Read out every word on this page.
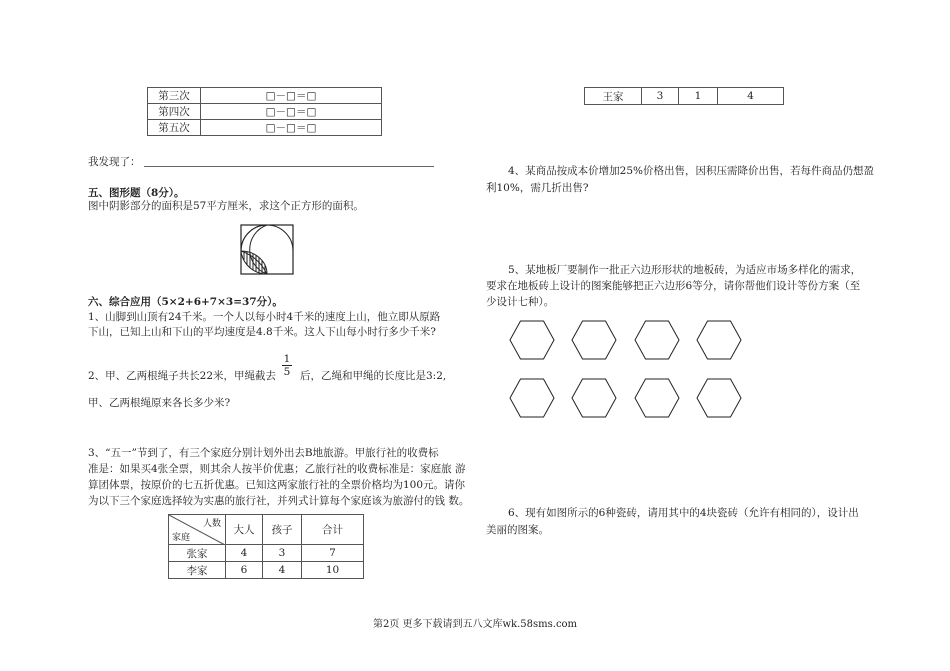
第三次	□－□＝□
第四次	□－□＝□
第五次	□－□＝□
我发现了：
五、图形题（8分）。
图中阴影部分的面积是57平方厘米，求这个正方形的面积。
六、综合应用（5×2+6+7×3=37分）。
1、山脚到山顶有24千米。一个人以每小时4千米的速度上山，他立即从原路
下山，已知上山和下山的平均速度是4.8千米。这人下山每小时行多少千米?
2、甲、乙两根绳子共长22米，甲绳截去 $\frac{1}{5}$ 后，乙绳和甲绳的长度比是3:2,
甲、乙两根绳原来各长多少米?
3、“五一”节到了，有三个家庭分别计划外出去B地旅游。甲旅行社的收费标
准是：如果买4张全票，则其余人按半价优惠；乙旅行社的收费标准是：家庭旅 游
算团体票，按原价的七五折优惠。已知这两家旅行社的全票价格均为100元。请你
为以下三个家庭选择较为实惠的旅行社，并列式计算每个家庭该为旅游付的钱 数。
人数
家庭	大人	孩子	合计
张家	4	3	7
李家	6	4	10
王家	3	1	4
4、某商品按成本价增加25%价格出售，因积压需降价出售，若每件商品仍想盈
利10%，需几折出售?
5、某地板厂要制作一批正六边形形状的地板砖，为适应市场多样化的需求，
要求在地板砖上设计的图案能够把正六边形6等分，请你帮他们设计等份方案（至
少设计七种）。
6、现有如图所示的6种瓷砖，请用其中的4块瓷砖（允许有相同的），设计出
美丽的图案。
第2页 更多下载请到五八文库wk.58sms.com
